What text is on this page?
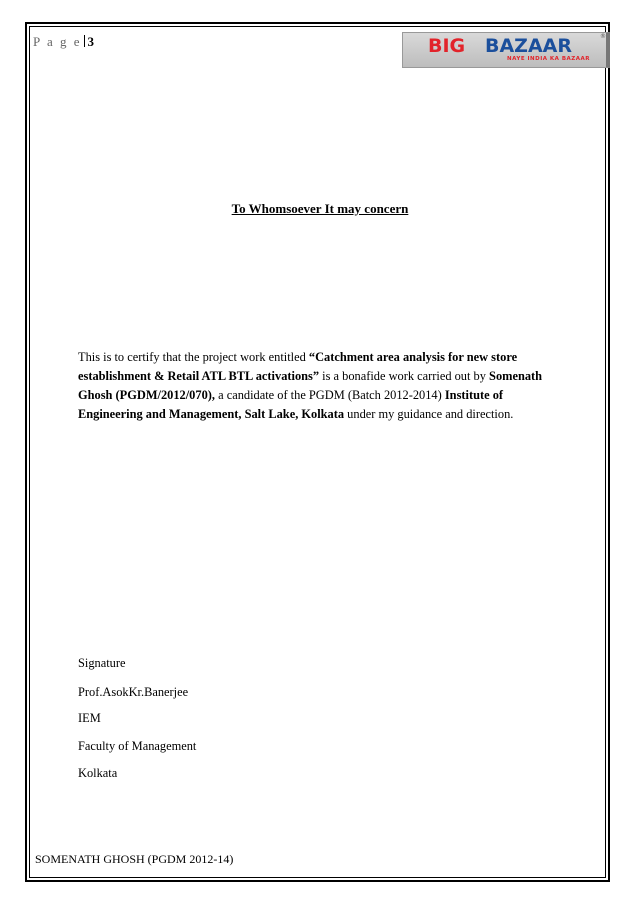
P a g e 3	BIG BAZAAR
NAYE INDIA KA BAZAAR
®
To Whomsoever It may concern

This is to certify that the project work entitled “Catchment area analysis for new store establishment & Retail ATL BTL activations” is a bonafide work carried out by Somenath Ghosh (PGDM/2012/070), a candidate of the PGDM (Batch 2012-2014) Institute of Engineering and Management, Salt Lake, Kolkata under my guidance and direction.

Signature
Prof.AsokKr.Banerjee
IEM
Faculty of Management
Kolkata
SOMENATH GHOSH (PGDM 2012-14)
